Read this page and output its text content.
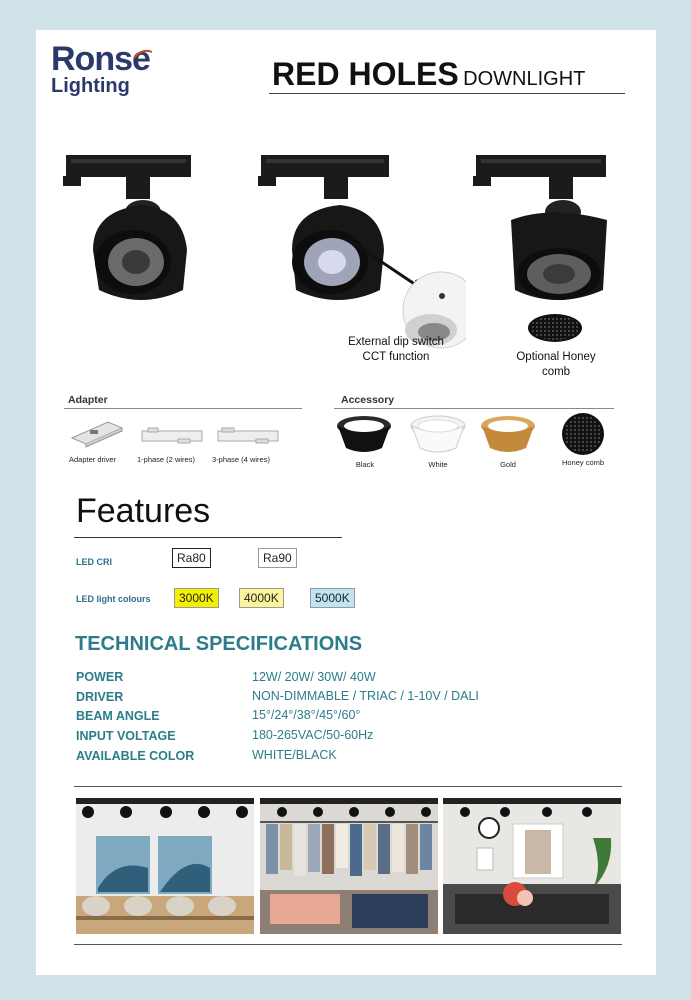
Ronse
Lighting	RED HOLES DOWNLIGHT
External dip switch
CCT function	Optional Honey
comb
Adapter
Adapter driver	1-phase (2 wires) 3-phase (4 wires)
Accessory
Black	White	Gold	Honey comb
Features
LED CRI	Ra80	Ra90
LED light colours	3000K	4000K	5000K
TECHNICAL SPECIFICATIONS
POWER	12W/ 20W/ 30W/ 40W
DRIVER	NON-DIMMABLE / TRIAC / 1-10V / DALI
BEAM ANGLE	15°/24°/38°/45°/60°
INPUT VOLTAGE	180-265VAC/50-60Hz
AVAILABLE COLOR	WHITE/BLACK
